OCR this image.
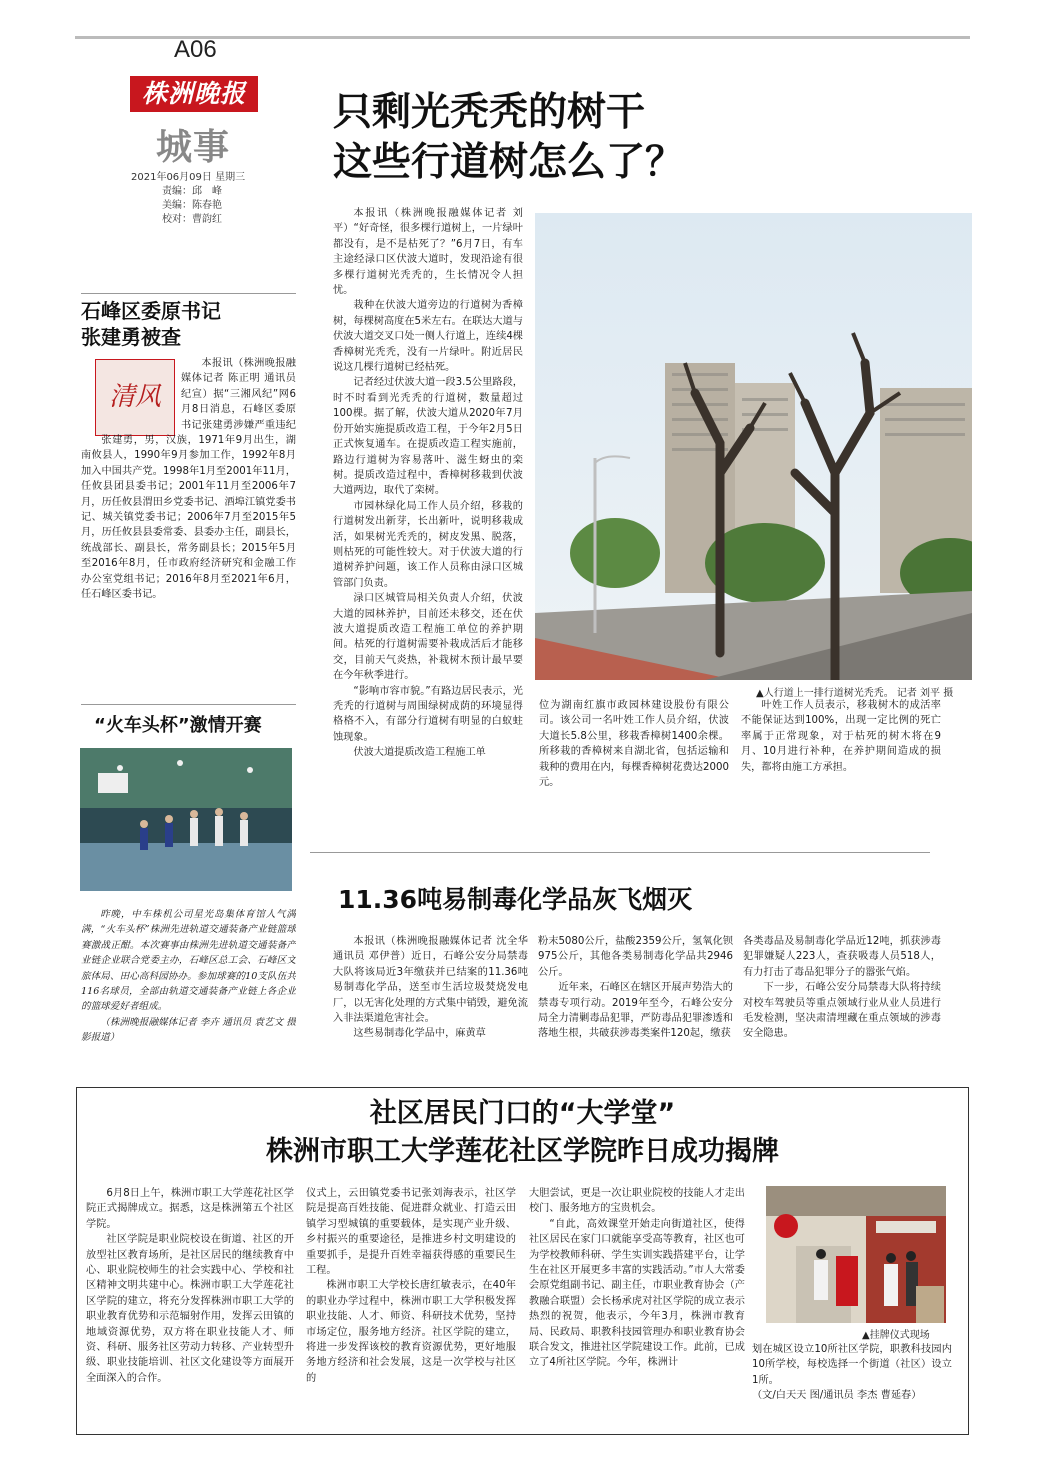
A06
株洲晚报
城事
2021年06月09日 星期三
责编：邱　峰
美编：陈春艳
校对：曹韵红
只剩光秃秃的树干
这些行道树怎么了？

本报讯（株洲晚报融媒体记者 刘平）“好奇怪，很多棵行道树上，一片绿叶都没有，是不是枯死了？”6月7日，有车主途经渌口区伏波大道时，发现沿途有很多棵行道树光秃秃的，生长情况令人担忧。

栽种在伏波大道旁边的行道树为香樟树，每棵树高度在5米左右。在联达大道与伏波大道交叉口处一侧人行道上，连续4棵香樟树光秃秃，没有一片绿叶。附近居民说这几棵行道树已经枯死。

记者经过伏波大道一段3.5公里路段，时不时看到光秃秃的行道树，数量超过100棵。据了解，伏波大道从2020年7月份开始实施提质改造工程，于今年2月5日正式恢复通车。在提质改造工程实施前，路边行道树为容易落叶、滋生蚜虫的栾树。提质改造过程中，香樟树移栽到伏波大道两边，取代了栾树。

市园林绿化局工作人员介绍，移栽的行道树发出新芽，长出新叶，说明移栽成活，如果树光秃秃的，树皮发黑、脱落，则枯死的可能性较大。对于伏波大道的行道树养护问题，该工作人员称由渌口区城管部门负责。

渌口区城管局相关负责人介绍，伏波大道的园林养护，目前还未移交，还在伏波大道提质改造工程施工单位的养护期间。枯死的行道树需要补栽成活后才能移交，目前天气炎热，补栽树木预计最早要在今年秋季进行。

“影响市容市貌。”有路边居民表示，光秃秃的行道树与周围绿树成荫的环境显得格格不入，有部分行道树有明显的白蚁蛀蚀现象。

伏波大道提质改造工程施工单

▲人行道上一排行道树光秃秃。 记者 刘平 摄

位为湖南红旗市政园林建设股份有限公司。该公司一名叶姓工作人员介绍，伏波大道长5.8公里，移栽香樟树1400余棵。所移栽的香樟树来自湖北省，包括运输和栽种的费用在内，每棵香樟树花费达2000元。

叶姓工作人员表示，移栽树木的成活率不能保证达到100%，出现一定比例的死亡率属于正常现象，对于枯死的树木将在9月、10月进行补种，在养护期间造成的损失，都将由施工方承担。

石峰区委原书记
张建勇被查
清风

本报讯（株洲晚报融媒体记者 陈正明 通讯员 纪宣）据“三湘风纪”网6月8日消息，石峰区委原书记张建勇涉嫌严重违纪

张建勇，男，汉族，1971年9月出生，湖南攸县人，1990年9月参加工作，1992年8月加入中国共产党。1998年1月至2001年11月，任攸县团县委书记；2001年11月至2006年7月，历任攸县渭田乡党委书记、酒埠江镇党委书记、城关镇党委书记；2006年7月至2015年5月，历任攸县县委常委、县委办主任，副县长，统战部长、副县长，常务副县长；2015年5月至2016年8月，任市政府经济研究和金融工作办公室党组书记；2016年8月至2021年6月，任石峰区委书记。

“火车头杯”激情开赛

昨晚，中车株机公司星光岛集体育馆人气满满，“火车头杯”株洲先进轨道交通装备产业链篮球赛激战正酣。本次赛事由株洲先进轨道交通装备产业链企业联合党委主办，石峰区总工会、石峰区文旅体局、田心高科园协办。参加球赛的10支队伍共116名球员，全部由轨道交通装备产业链上各企业的篮球爱好者组成。

（株洲晚报融媒体记者 李卉 通讯员 袁艺文 摄影报道）

11.36吨易制毒化学品灰飞烟灭

本报讯（株洲晚报融媒体记者 沈全华 通讯员 邓伊普）近日，石峰公安分局禁毒大队将该局近3年缴获并已结案的11.36吨易制毒化学品，送至市生活垃圾焚烧发电厂，以无害化处理的方式集中销毁，避免流入非法渠道危害社会。

这些易制毒化学品中，麻黄草

粉末5080公斤，盐酸2359公斤，氢氧化钡975公斤，其他各类易制毒化学品共2946公斤。

近年来，石峰区在辖区开展声势浩大的禁毒专项行动。2019年至今，石峰公安分局全力清剿毒品犯罪，严防毒品犯罪渗透和落地生根，共破获涉毒类案件120起，缴获

各类毒品及易制毒化学品近12吨，抓获涉毒犯罪嫌疑人223人，查获吸毒人员518人，有力打击了毒品犯罪分子的嚣张气焰。

下一步，石峰公安分局禁毒大队将持续对校车驾驶员等重点领域行业从业人员进行毛发检测，坚决肃清埋藏在重点领域的涉毒安全隐患。

社区居民门口的“大学堂”
株洲市职工大学莲花社区学院昨日成功揭牌

6月8日上午，株洲市职工大学莲花社区学院正式揭牌成立。据悉，这是株洲第五个社区学院。

社区学院是职业院校设在街道、社区的开放型社区教育场所，是社区居民的继续教育中心、职业院校师生的社会实践中心、学校和社区精神文明共建中心。株洲市职工大学莲花社区学院的建立，将充分发挥株洲市职工大学的职业教育优势和示范辐射作用，发挥云田镇的地域资源优势，双方将在职业技能人才、师资、科研、服务社区劳动力转移、产业转型升级、职业技能培训、社区文化建设等方面展开全面深入的合作。

仪式上，云田镇党委书记张刘海表示，社区学院是提高百姓技能、促进群众就业、打造云田镇学习型城镇的重要载体，是实现产业升级、乡村振兴的重要途径，是推进乡村文明建设的重要抓手，是提升百姓幸福获得感的重要民生工程。

株洲市职工大学校长唐红敏表示，在40年的职业办学过程中，株洲市职工大学积极发挥职业技能、人才、师资、科研技术优势，坚持市场定位，服务地方经济。社区学院的建立，将进一步发挥该校的教育资源优势，更好地服务地方经济和社会发展，这是一次学校与社区的

大胆尝试，更是一次让职业院校的技能人才走出校门、服务地方的宝贵机会。

“自此，高效课堂开始走向街道社区，使得社区居民在家门口就能享受高等教育，社区也可为学校教师科研、学生实训实践搭建平台，让学生在社区开展更多丰富的实践活动。”市人大常委会原党组副书记、副主任，市职业教育协会（产教融合联盟）会长杨承虎对社区学院的成立表示热烈的祝贺，他表示，今年3月，株洲市教育局、民政局、职教科技园管理办和职业教育协会联合发文，推进社区学院建设工作。此前，已成立了4所社区学院。今年，株洲计

▲挂牌仪式现场

划在城区设立10所社区学院，职教科技园内10所学校，每校选择一个街道（社区）设立1所。

（文/白天天 图/通讯员 李杰 曹延春）
